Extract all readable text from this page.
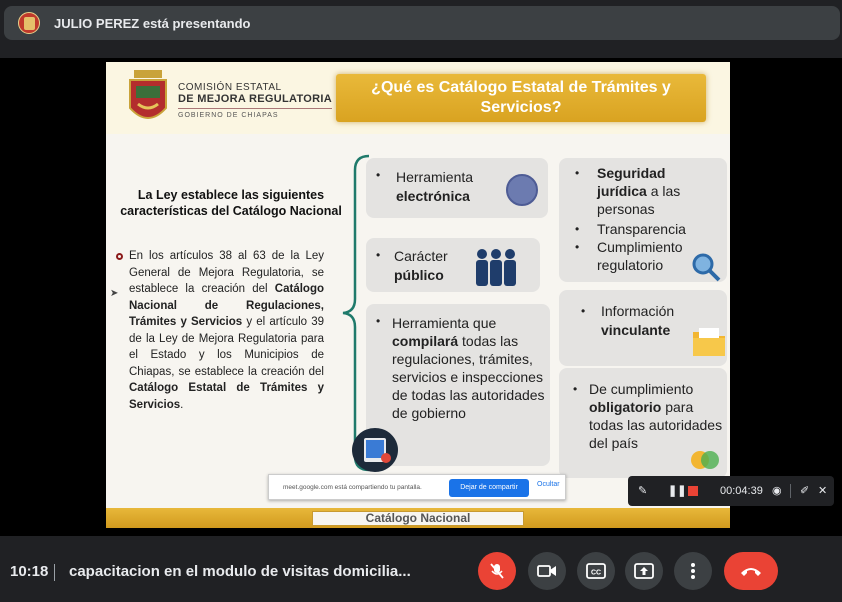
JULIO PEREZ está presentando
COMISIÓN ESTATAL
DE MEJORA REGULATORIA
GOBIERNO DE CHIAPAS
¿Qué es Catálogo Estatal de Trámites y Servicios?
La Ley establece las siguientes características del Catálogo Nacional
En los artículos 38 al 63 de la Ley General de Mejora Regulatoria, se establece la creación del Catálogo Nacional de Regulaciones, Trámites y Servicios y el artículo 39 de la Ley de Mejora Regulatoria para el Estado y los Municipios de Chiapas, se establece la creación del Catálogo Estatal de Trámites y Servicios.
➤
• Herramienta
electrónica
• Carácter
público
• Herramienta que compilará todas las regulaciones, trámites, servicios e inspecciones de todas las autoridades de gobierno
• Seguridad
jurídica a las personas
• Transparencia
• Cumplimiento regulatorio
• Información
vinculante
• De cumplimiento
obligatorio para todas las autoridades del país
Catálogo Nacional
meet.google.com está compartiendo tu pantalla.	Dejar de compartir	Ocultar
✎ ❚❚	00:04:39 ◉ ✐ ✕
10:18 capacitacion en el modulo de visitas domicilia...	CC
